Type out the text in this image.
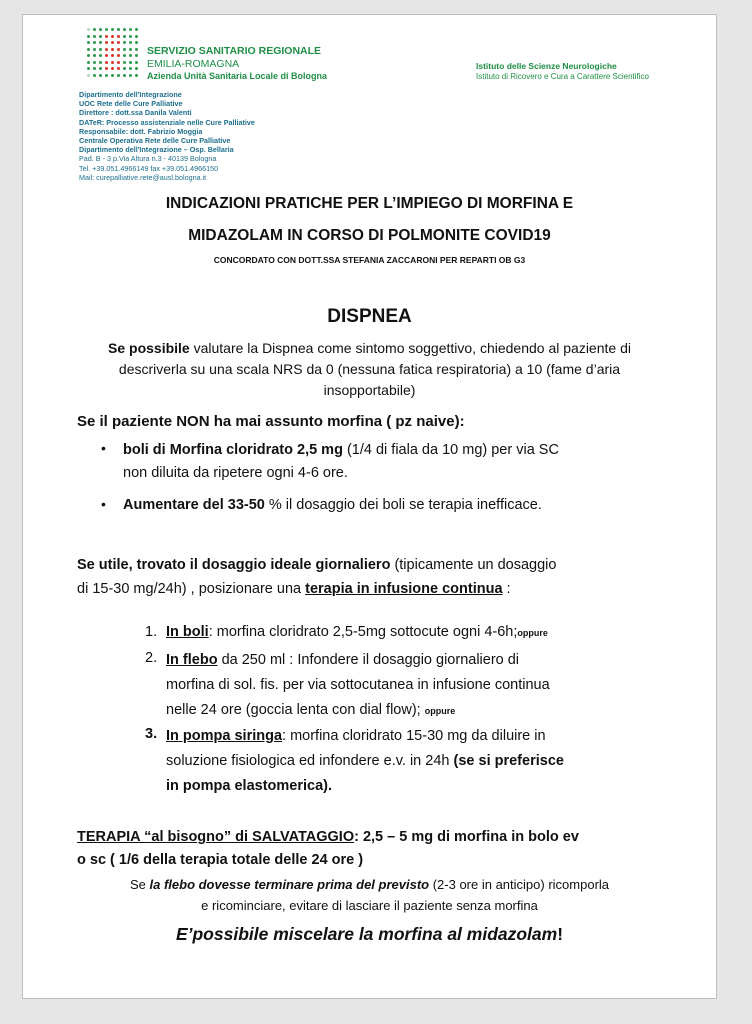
SERVIZIO SANITARIO REGIONALE
EMILIA-ROMAGNA
Azienda Unità Sanitaria Locale di Bologna
Istituto delle Scienze Neurologiche
Istituto di Ricovero e Cura a Carattere Scientifico
Dipartimento dell'Integrazione
UOC Rete delle Cure Palliative
Direttore : dott.ssa Danila Valenti
DATeR: Processo assistenziale nelle Cure Palliative
Responsabile: dott. Fabrizio Moggia
Centrale Operativa Rete delle Cure Palliative
Dipartimento dell'Integrazione – Osp. Bellaria
Pad. B - 3 p.Via Altura n.3 - 40139 Bologna
Tel. +39.051.4966149 fax +39.051.4966150
Mail: curepalliative.rete@ausl.bologna.it
INDICAZIONI PRATICHE PER L’IMPIEGO DI MORFINA E
MIDAZOLAM IN CORSO DI POLMONITE COVID19
CONCORDATO CON DOTT.SSA STEFANIA ZACCARONI PER REPARTI OB G3
DISPNEA
Se possibile valutare la Dispnea come sintomo soggettivo, chiedendo al paziente di
descriverla su una scala NRS da 0 (nessuna fatica respiratoria) a 10 (fame d’aria
insopportabile)
Se il paziente NON ha mai assunto morfina ( pz naive):
• boli di Morfina cloridrato 2,5 mg (1/4 di fiala da 10 mg) per via SC
non diluita da ripetere ogni 4-6 ore.
• Aumentare del 33-50 % il dosaggio dei boli se terapia inefficace.
Se utile, trovato il dosaggio ideale giornaliero (tipicamente un dosaggio
di 15-30 mg/24h) , posizionare una terapia in infusione continua :
1. In boli: morfina cloridrato 2,5-5mg sottocute ogni 4-6h;oppure
2. In flebo da 250 ml : Infondere il dosaggio giornaliero di
morfina di sol. fis. per via sottocutanea in infusione continua
nelle 24 ore (goccia lenta con dial flow); oppure
3. In pompa siringa: morfina cloridrato 15-30 mg da diluire in
soluzione fisiologica ed infondere e.v. in 24h (se si preferisce
in pompa elastomerica).
TERAPIA “al bisogno” di SALVATAGGIO: 2,5 – 5 mg di morfina in bolo ev
o sc ( 1/6 della terapia totale delle 24 ore )
Se la flebo dovesse terminare prima del previsto (2-3 ore in anticipo) ricomporla
e ricominciare, evitare di lasciare il paziente senza morfina
E’possibile miscelare la morfina al midazolam!
